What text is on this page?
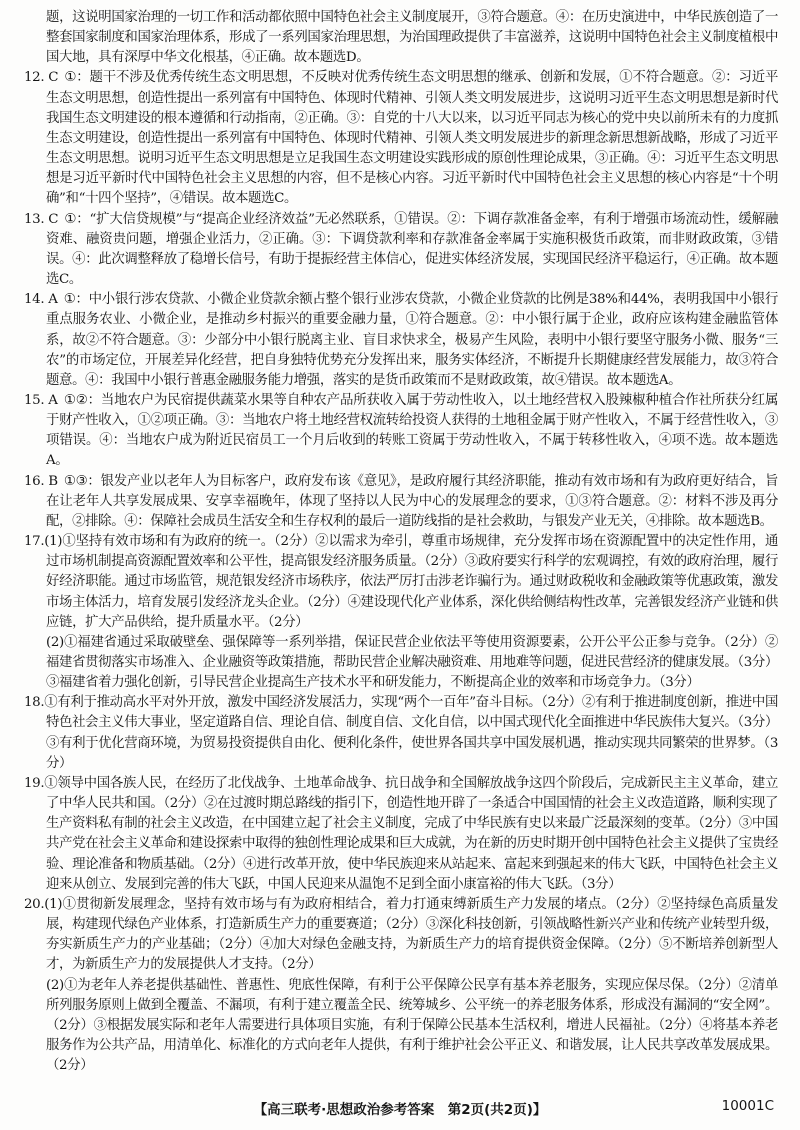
题，这说明国家治理的一切工作和活动都依照中国特色社会主义制度展开，③符合题意。④：在历史演进中，中华民族创造了一整套国家制度和国家治理体系，形成了一系列国家治理思想，为治国理政提供了丰富滋养，这说明中国特色社会主义制度植根中国大地，具有深厚中华文化根基，④正确。故本题选D。
12. C ①：题干不涉及优秀传统生态文明思想，不反映对优秀传统生态文明思想的继承、创新和发展，①不符合题意。②：习近平生态文明思想，创造性提出一系列富有中国特色、体现时代精神、引领人类文明发展进步，这说明习近平生态文明思想是新时代我国生态文明建设的根本遵循和行动指南，②正确。③：自党的十八大以来，以习近平同志为核心的党中央以前所未有的力度抓生态文明建设，创造性提出一系列富有中国特色、体现时代精神、引领人类文明发展进步的新理念新思想新战略，形成了习近平生态文明思想。说明习近平生态文明思想是立足我国生态文明建设实践形成的原创性理论成果，③正确。④：习近平生态文明思想是习近平新时代中国特色社会主义思想的内容，但不是核心内容。习近平新时代中国特色社会主义思想的核心内容是“十个明确”和“十四个坚持”，④错误。故本题选C。
13. C ①：“扩大信贷规模”与“提高企业经济效益”无必然联系，①错误。②：下调存款准备金率，有利于增强市场流动性，缓解融资难、融资贵问题，增强企业活力，②正确。③：下调贷款利率和存款准备金率属于实施积极货币政策，而非财政政策，③错误。④：此次调整释放了稳增长信号，有助于提振经营主体信心，促进实体经济发展，实现国民经济平稳运行，④正确。故本题选C。
14. A ①：中小银行涉农贷款、小微企业贷款余额占整个银行业涉农贷款，小微企业贷款的比例是38%和44%，表明我国中小银行重点服务农业、小微企业，是推动乡村振兴的重要金融力量，①符合题意。②：中小银行属于企业，政府应该构建金融监管体系，故②不符合题意。③：少部分中小银行脱离主业、盲目求快求全，极易产生风险，表明中小银行要坚守服务小微、服务“三农”的市场定位，开展差异化经营，把自身独特优势充分发挥出来，服务实体经济，不断提升长期健康经营发展能力，故③符合题意。④：我国中小银行普惠金融服务能力增强，落实的是货币政策而不是财政政策，故④错误。故本题选A。
15. A ①②：当地农户为民宿提供蔬菜水果等自种农产品所获收入属于劳动性收入，以土地经营权入股辣椒种植合作社所获分红属于财产性收入，①②项正确。③：当地农户将土地经营权流转给投资人获得的土地租金属于财产性收入，不属于经营性收入，③项错误。④：当地农户成为附近民宿员工一个月后收到的转账工资属于劳动性收入，不属于转移性收入，④项不选。故本题选A。
16. B ①③：银发产业以老年人为目标客户，政府发布该《意见》，是政府履行其经济职能，推动有效市场和有为政府更好结合，旨在让老年人共享发展成果、安享幸福晚年，体现了坚持以人民为中心的发展理念的要求，①③符合题意。②：材料不涉及再分配，②排除。④：保障社会成员生活安全和生存权利的最后一道防线指的是社会救助，与银发产业无关，④排除。故本题选B。
17.(1)①坚持有效市场和有为政府的统一。（2分）②以需求为牵引，尊重市场规律，充分发挥市场在资源配置中的决定性作用，通过市场机制提高资源配置效率和公平性，提高银发经济服务质量。（2分）③政府要实行科学的宏观调控，有效的政府治理，履行好经济职能。通过市场监管，规范银发经济市场秩序，依法严厉打击涉老诈骗行为。通过财政税收和金融政策等优惠政策，激发市场主体活力，培育发展引发经济龙头企业。（2分）④建设现代化产业体系，深化供给侧结构性改革，完善银发经济产业链和供应链，扩大产品供给，提升质量水平。（2分）
(2)①福建省通过采取破壁垒、强保障等一系列举措，保证民营企业依法平等使用资源要素，公开公平公正参与竞争。（2分）②福建省贯彻落实市场准入、企业融资等政策措施，帮助民营企业解决融资难、用地难等问题，促进民营经济的健康发展。（3分）③福建省着力强化创新，引导民营企业提高生产技术水平和研发能力，不断提高企业的效率和市场竞争力。（3分）
18.①有利于推动高水平对外开放，激发中国经济发展活力，实现“两个一百年”奋斗目标。（2分）②有利于推进制度创新，推进中国特色社会主义伟大事业，坚定道路自信、理论自信、制度自信、文化自信，以中国式现代化全面推进中华民族伟大复兴。（3分）③有利于优化营商环境，为贸易投资提供自由化、便利化条件，使世界各国共享中国发展机遇，推动实现共同繁荣的世界梦。（3分）
19.①领导中国各族人民，在经历了北伐战争、土地革命战争、抗日战争和全国解放战争这四个阶段后，完成新民主主义革命，建立了中华人民共和国。（2分）②在过渡时期总路线的指引下，创造性地开辟了一条适合中国国情的社会主义改造道路，顺利实现了生产资料私有制的社会主义改造，在中国建立起了社会主义制度，完成了中华民族有史以来最广泛最深刻的变革。（2分）③中国共产党在社会主义革命和建设探索中取得的独创性理论成果和巨大成就，为在新的历史时期开创中国特色社会主义提供了宝贵经验、理论准备和物质基础。（2分）④进行改革开放，使中华民族迎来从站起来、富起来到强起来的伟大飞跃，中国特色社会主义迎来从创立、发展到完善的伟大飞跃，中国人民迎来从温饱不足到全面小康富裕的伟大飞跃。（3分）
20.(1)①贯彻新发展理念，坚持有效市场与有为政府相结合，着力打通束缚新质生产力发展的堵点。（2分）②坚持绿色高质量发展，构建现代绿色产业体系，打造新质生产力的重要赛道；（2分）③深化科技创新，引领战略性新兴产业和传统产业转型升级，夯实新质生产力的产业基础；（2分）④加大对绿色金融支持，为新质生产力的培育提供资金保障。（2分）⑤不断培养创新型人才，为新质生产力的发展提供人才支持。（2分）
(2)①为老年人养老提供基础性、普惠性、兜底性保障，有利于公平保障公民享有基本养老服务，实现应保尽保。（2分）②清单所列服务原则上做到全覆盖、不漏项，有利于建立覆盖全民、统筹城乡、公平统一的养老服务体系，形成没有漏洞的“安全网”。（2分）③根据发展实际和老年人需要进行具体项目实施，有利于保障公民基本生活权利，增进人民福祉。（2分）④将基本养老服务作为公共产品，用清单化、标准化的方式向老年人提供，有利于维护社会公平正义、和谐发展，让人民共享改革发展成果。（2分）
【高三联考·思想政治参考答案　第2页(共2页)】	10001C
